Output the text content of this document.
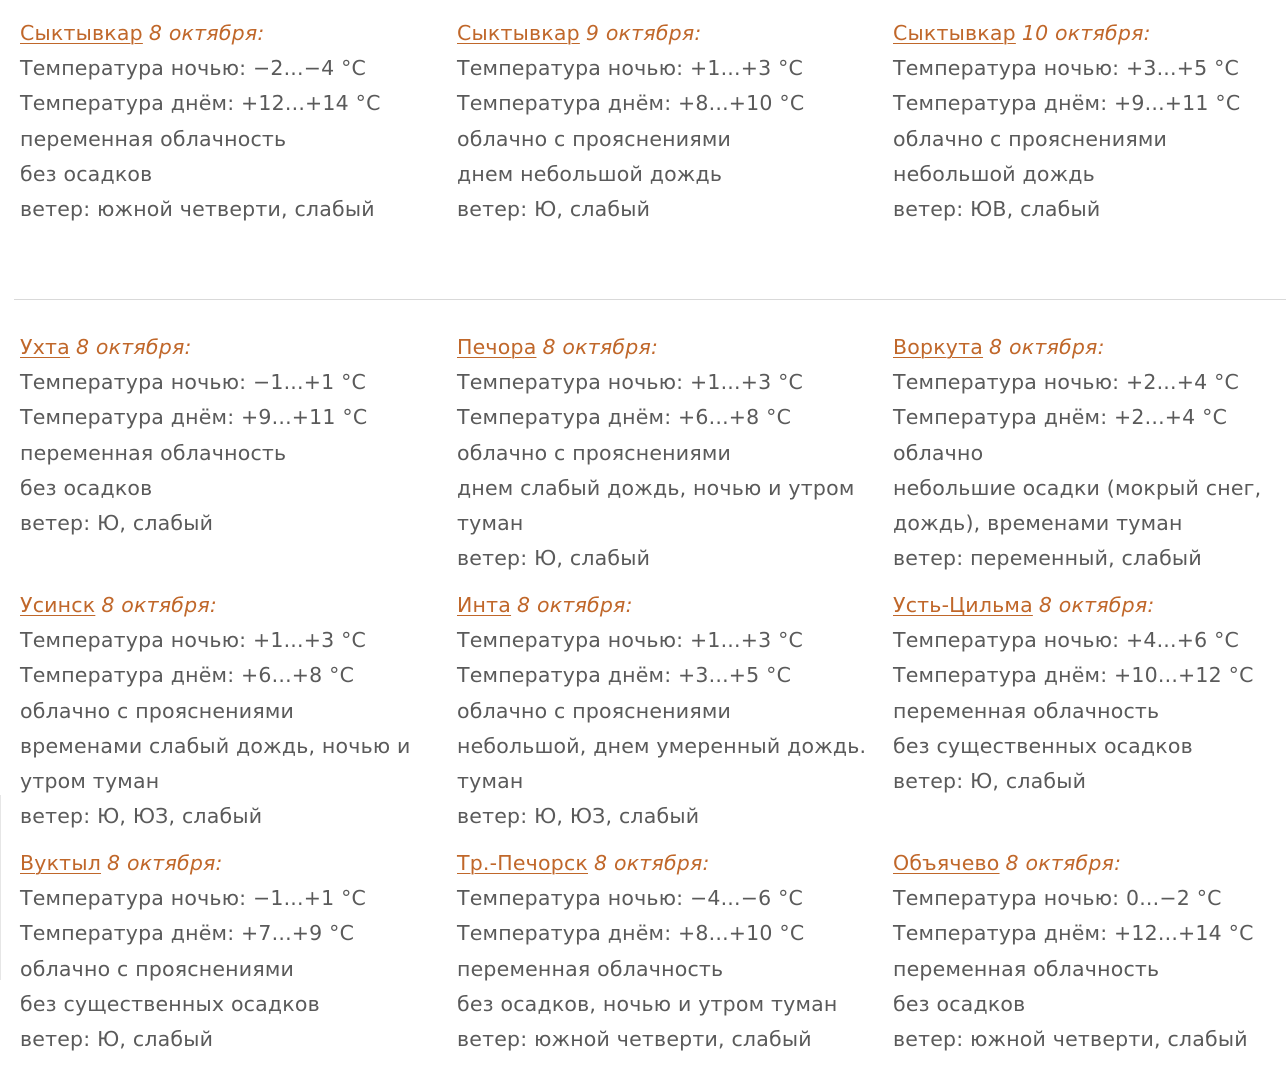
Сыктывкар 8 октября:
Температура ночью: −2...−4 °C
Температура днём: +12...+14 °C
переменная облачность
без осадков
ветер: южной четверти, слабый
Сыктывкар 9 октября:
Температура ночью: +1...+3 °C
Температура днём: +8...+10 °C
облачно с прояснениями
днем небольшой дождь
ветер: Ю, слабый
Сыктывкар 10 октября:
Температура ночью: +3...+5 °C
Температура днём: +9...+11 °C
облачно с прояснениями
небольшой дождь
ветер: ЮВ, слабый
Ухта 8 октября:
Температура ночью: −1...+1 °C
Температура днём: +9...+11 °C
переменная облачность
без осадков
ветер: Ю, слабый
Печора 8 октября:
Температура ночью: +1...+3 °C
Температура днём: +6...+8 °C
облачно с прояснениями
днем слабый дождь, ночью и утром туман
ветер: Ю, слабый
Воркута 8 октября:
Температура ночью: +2...+4 °C
Температура днём: +2...+4 °C
облачно
небольшие осадки (мокрый снег, дождь), временами туман
ветер: переменный, слабый
Усинск 8 октября:
Температура ночью: +1...+3 °C
Температура днём: +6...+8 °C
облачно с прояснениями
временами слабый дождь, ночью и утром туман
ветер: Ю, ЮЗ, слабый
Инта 8 октября:
Температура ночью: +1...+3 °C
Температура днём: +3...+5 °C
облачно с прояснениями
небольшой, днем умеренный дождь. туман
ветер: Ю, ЮЗ, слабый
Усть-Цильма 8 октября:
Температура ночью: +4...+6 °C
Температура днём: +10...+12 °C
переменная облачность
без существенных осадков
ветер: Ю, слабый
Вуктыл 8 октября:
Температура ночью: −1...+1 °C
Температура днём: +7...+9 °C
облачно с прояснениями
без существенных осадков
ветер: Ю, слабый
Тр.-Печорск 8 октября:
Температура ночью: −4...−6 °C
Температура днём: +8...+10 °C
переменная облачность
без осадков, ночью и утром туман
ветер: южной четверти, слабый
Объячево 8 октября:
Температура ночью: 0...−2 °C
Температура днём: +12...+14 °C
переменная облачность
без осадков
ветер: южной четверти, слабый
